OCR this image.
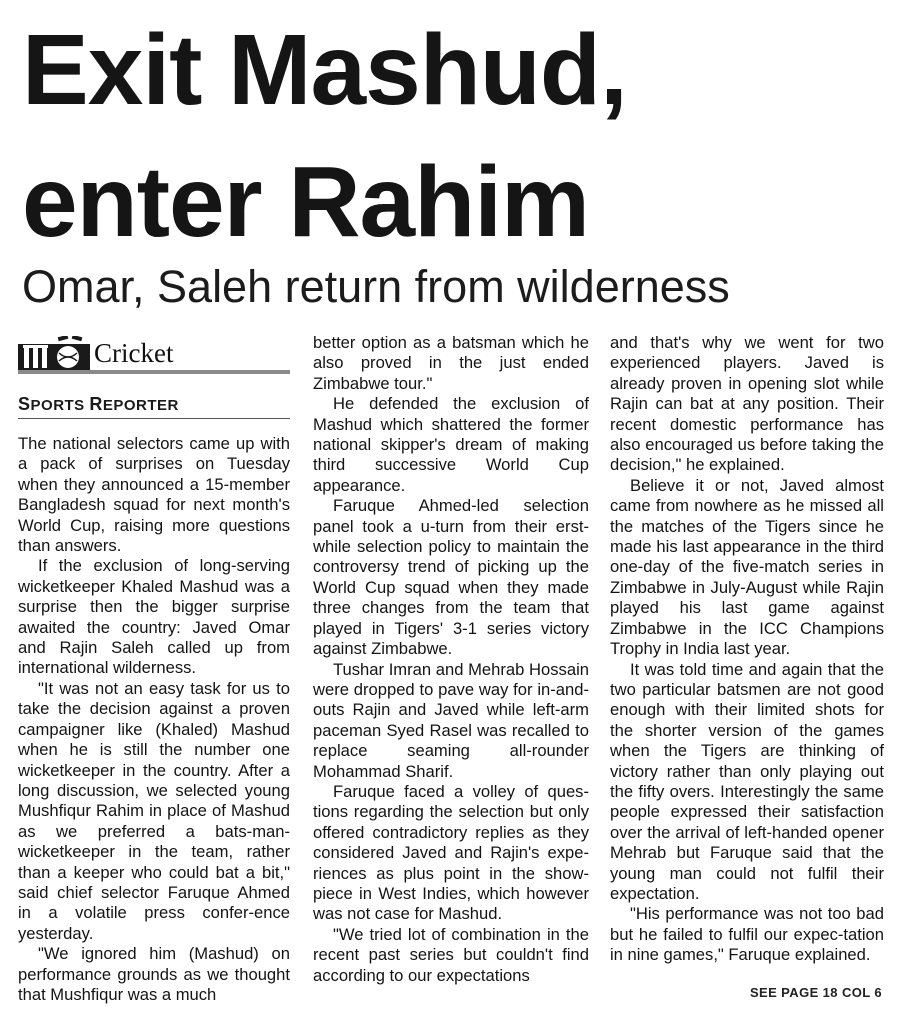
Exit Mashud,
enter Rahim
Omar, Saleh return from wilderness
Cricket
SPORTS REPORTER

The national selectors came up with a pack of surprises on Tuesday when they announced a 15-member Bangladesh squad for next month's World Cup, raising more questions than answers.

If the exclusion of long-serving wicketkeeper Khaled Mashud was a surprise then the bigger surprise awaited the country: Javed Omar and Rajin Saleh called up from international wilderness.

"It was not an easy task for us to take the decision against a proven campaigner like (Khaled) Mashud when he is still the number one wicketkeeper in the country. After a long discussion, we selected young Mushfiqur Rahim in place of Mashud as we preferred a bats-man-wicketkeeper in the team, rather than a keeper who could bat a bit," said chief selector Faruque Ahmed in a volatile press confer-ence yesterday.

"We ignored him (Mashud) on performance grounds as we thought that Mushfiqur was a much

better option as a batsman which he also proved in the just ended Zimbabwe tour."

He defended the exclusion of Mashud which shattered the former national skipper's dream of making third successive World Cup appearance.

Faruque Ahmed-led selection panel took a u-turn from their erst-while selection policy to maintain the controversy trend of picking up the World Cup squad when they made three changes from the team that played in Tigers' 3-1 series victory against Zimbabwe.

Tushar Imran and Mehrab Hossain were dropped to pave way for in-and-outs Rajin and Javed while left-arm paceman Syed Rasel was recalled to replace seaming all-rounder Mohammad Sharif.

Faruque faced a volley of ques-tions regarding the selection but only offered contradictory replies as they considered Javed and Rajin's expe-riences as plus point in the show-piece in West Indies, which however was not case for Mashud.

"We tried lot of combination in the recent past series but couldn't find according to our expectations

and that's why we went for two experienced players. Javed is already proven in opening slot while Rajin can bat at any position. Their recent domestic performance has also encouraged us before taking the decision," he explained.

Believe it or not, Javed almost came from nowhere as he missed all the matches of the Tigers since he made his last appearance in the third one-day of the five-match series in Zimbabwe in July-August while Rajin played his last game against Zimbabwe in the ICC Champions Trophy in India last year.

It was told time and again that the two particular batsmen are not good enough with their limited shots for the shorter version of the games when the Tigers are thinking of victory rather than only playing out the fifty overs. Interestingly the same people expressed their satisfaction over the arrival of left-handed opener Mehrab but Faruque said that the young man could not fulfil their expectation.

"His performance was not too bad but he failed to fulfil our expec-tation in nine games," Faruque explained.

SEE PAGE 18 COL 6
